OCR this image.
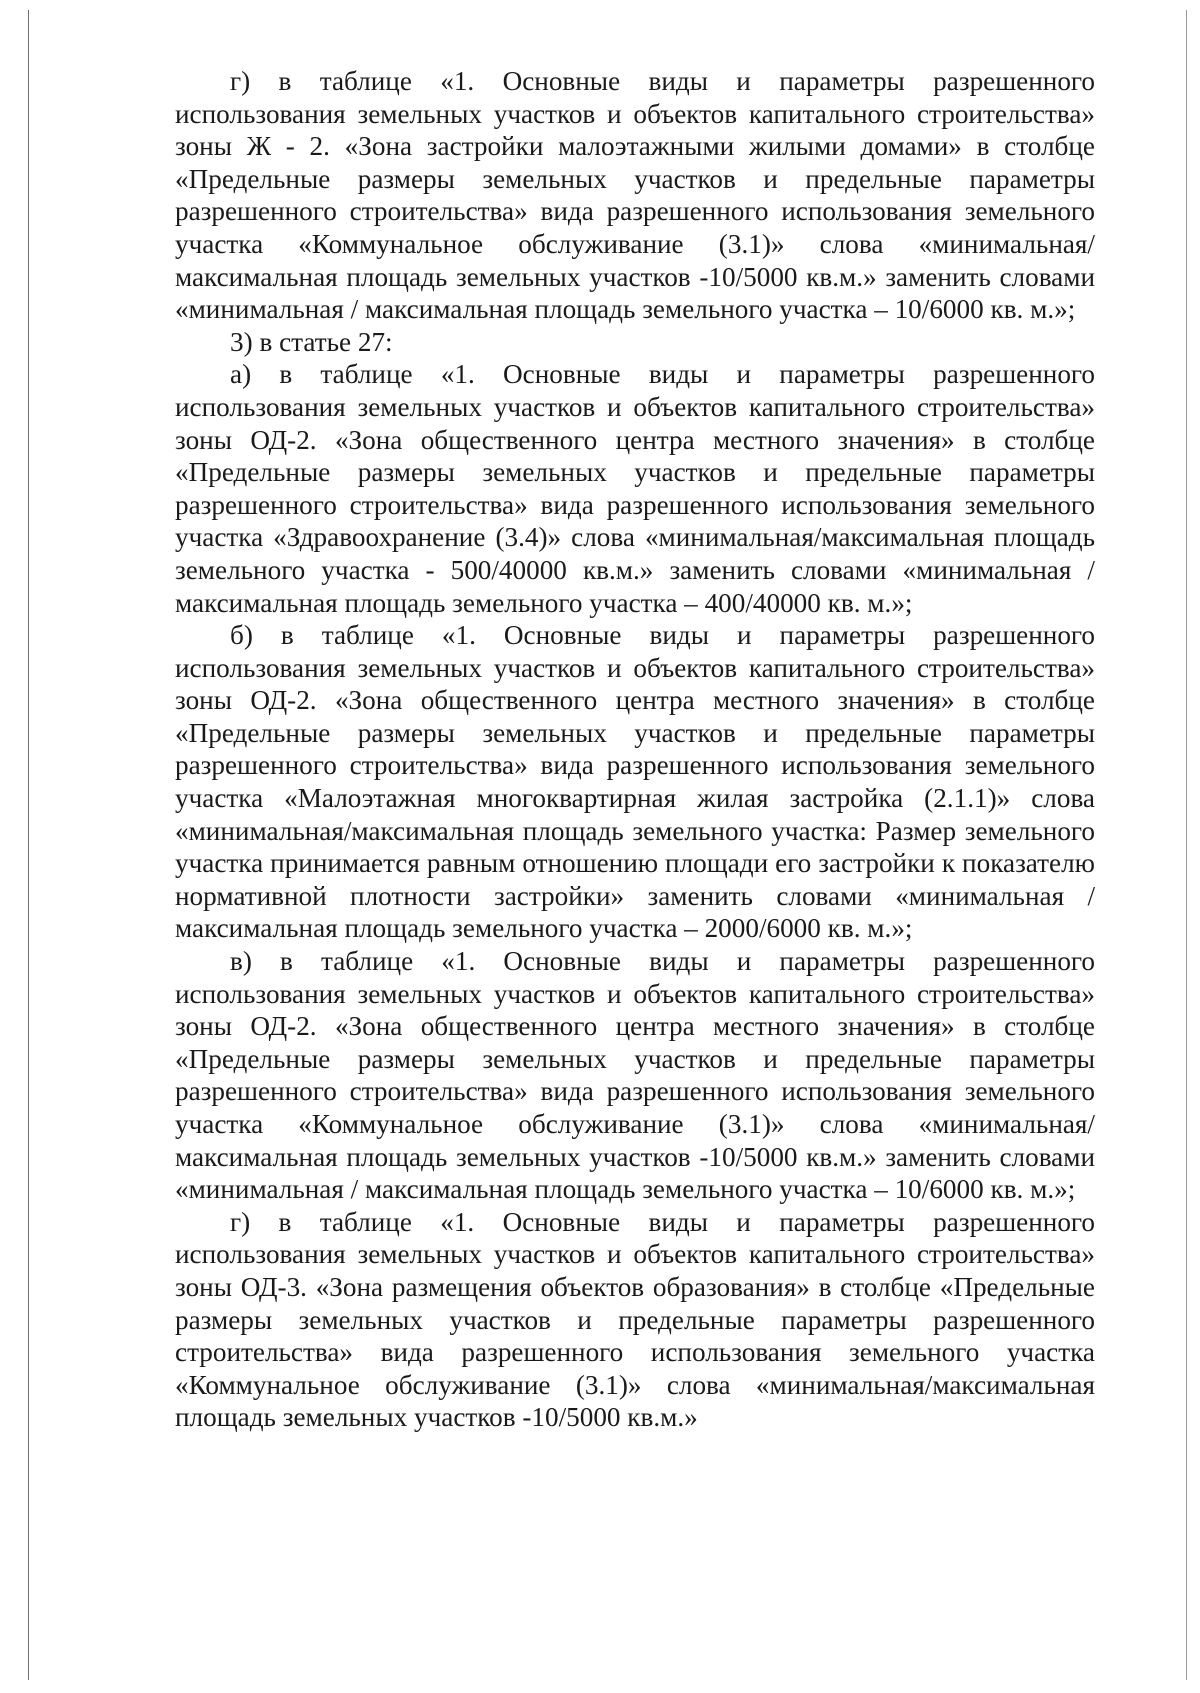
г) в таблице «1. Основные виды и параметры разрешенного использования земельных участков и объектов капитального строительства» зоны Ж - 2. «Зона застройки малоэтажными жилыми домами» в столбце «Предельные размеры земельных участков и предельные параметры разрешенного строительства» вида разрешенного использования земельного участка «Коммунальное обслуживание (3.1)» слова «минимальная/максимальная площадь земельных участков -10/5000 кв.м.» заменить словами «минимальная / максимальная площадь земельного участка – 10/6000 кв. м.»;

3) в статье 27:

а) в таблице «1. Основные виды и параметры разрешенного использования земельных участков и объектов капитального строительства» зоны ОД-2. «Зона общественного центра местного значения» в столбце «Предельные размеры земельных участков и предельные параметры разрешенного строительства» вида разрешенного использования земельного участка «Здравоохранение (3.4)» слова «минимальная/максимальная площадь земельного участка - 500/40000 кв.м.» заменить словами «минимальная / максимальная площадь земельного участка – 400/40000 кв. м.»;

б) в таблице «1. Основные виды и параметры разрешенного использования земельных участков и объектов капитального строительства» зоны ОД-2. «Зона общественного центра местного значения» в столбце «Предельные размеры земельных участков и предельные параметры разрешенного строительства» вида разрешенного использования земельного участка «Малоэтажная многоквартирная жилая застройка (2.1.1)» слова «минимальная/максимальная площадь земельного участка: Размер земельного участка принимается равным отношению площади его застройки к показателю нормативной плотности застройки» заменить словами «минимальная / максимальная площадь земельного участка – 2000/6000 кв. м.»;

в) в таблице «1. Основные виды и параметры разрешенного использования земельных участков и объектов капитального строительства» зоны ОД-2. «Зона общественного центра местного значения» в столбце «Предельные размеры земельных участков и предельные параметры разрешенного строительства» вида разрешенного использования земельного участка «Коммунальное обслуживание (3.1)» слова «минимальная/максимальная площадь земельных участков -10/5000 кв.м.» заменить словами «минимальная / максимальная площадь земельного участка – 10/6000 кв. м.»;

г) в таблице «1. Основные виды и параметры разрешенного использования земельных участков и объектов капитального строительства» зоны ОД-3. «Зона размещения объектов образования» в столбце «Предельные размеры земельных участков и предельные параметры разрешенного строительства» вида разрешенного использования земельного участка «Коммунальное обслуживание (3.1)» слова «минимальная/максимальная площадь земельных участков -10/5000 кв.м.»
